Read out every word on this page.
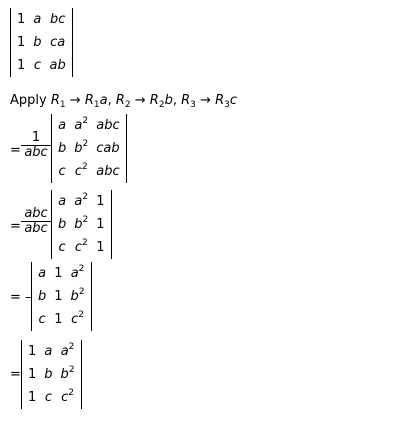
1	a	bc
1	b	ca
1	c	ab
Apply $R_1 \to R_1a$, $R_2 \to R_2b$, $R_3 \to R_3c$
=
1
abc
a	$a^2$	abc
b	$b^2$	cab
c	$c^2$	abc
=
abc
abc
a	$a^2$	1
b	$b^2$	1
c	$c^2$	1
= –
a	1	$a^2$
b	1	$b^2$
c	1	$c^2$
=
1	a	$a^2$
1	b	$b^2$
1	c	$c^2$
